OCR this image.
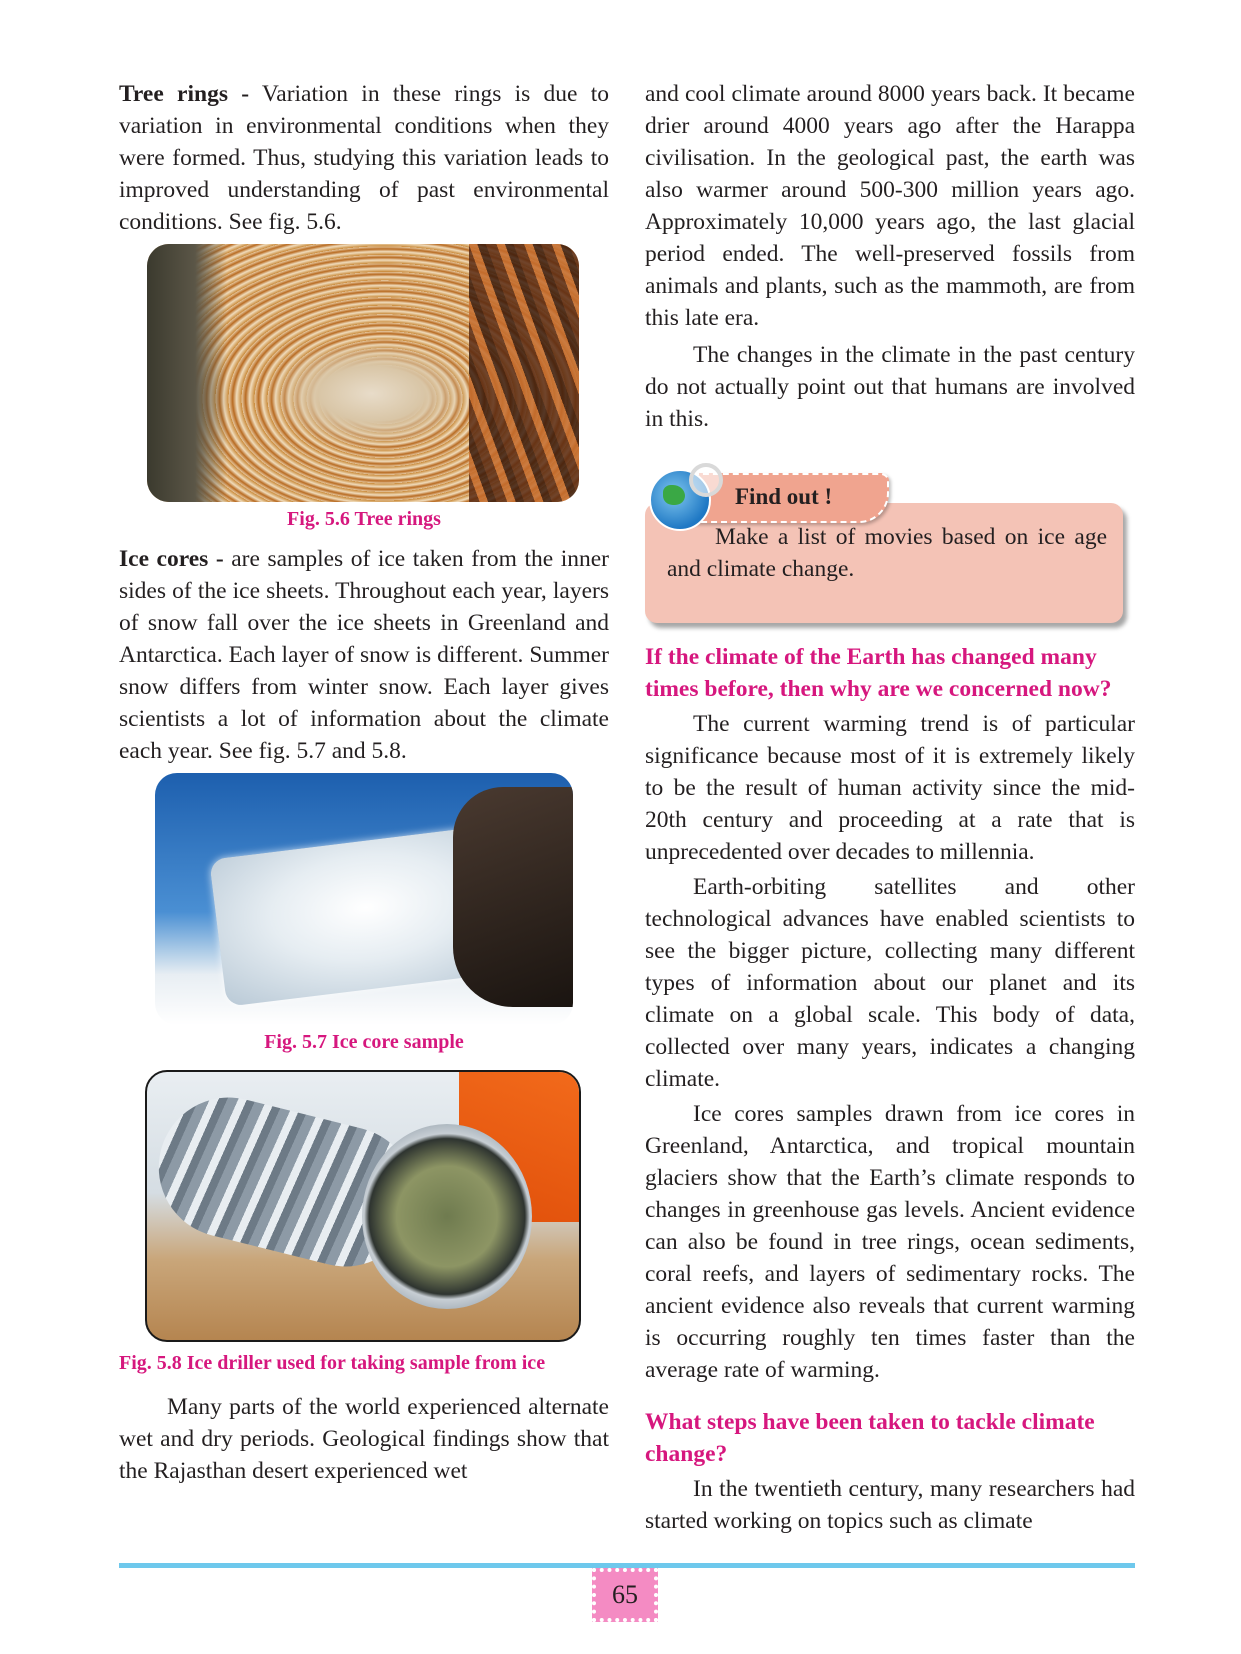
Tree rings - Variation in these rings is due to variation in environmental conditions when they were formed. Thus, studying this variation leads to improved understanding of past environmental conditions. See fig. 5.6.

Fig. 5.6 Tree rings

Ice cores - are samples of ice taken from the inner sides of the ice sheets. Throughout each year, layers of snow fall over the ice sheets in Greenland and Antarctica. Each layer of snow is different. Summer snow differs from winter snow. Each layer gives scientists a lot of information about the climate each year. See fig. 5.7 and 5.8.

Fig. 5.7 Ice core sample
Fig. 5.8 Ice driller used for taking sample from ice

Many parts of the world experienced alternate wet and dry periods. Geological findings show that the Rajasthan desert experienced wet

and cool climate around 8000 years back. It became drier around 4000 years ago after the Harappa civilisation. In the geological past, the earth was also warmer around 500-300 million years ago. Approximately 10,000 years ago, the last glacial period ended. The well-preserved fossils from animals and plants, such as the mammoth, are from this late era.

The changes in the climate in the past century do not actually point out that humans are involved in this.

Find out !

Make a list of movies based on ice age and climate change.

If the climate of the Earth has changed many times before, then why are we concerned now?

The current warming trend is of particular significance because most of it is extremely likely to be the result of human activity since the mid-20th century and proceeding at a rate that is unprecedented over decades to millennia.

Earth-orbiting satellites and other technological advances have enabled scientists to see the bigger picture, collecting many different types of information about our planet and its climate on a global scale. This body of data, collected over many years, indicates a changing climate.

Ice cores samples drawn from ice cores in Greenland, Antarctica, and tropical mountain glaciers show that the Earth’s climate responds to changes in greenhouse gas levels. Ancient evidence can also be found in tree rings, ocean sediments, coral reefs, and layers of sedimentary rocks. The ancient evidence also reveals that current warming is occurring roughly ten times faster than the average rate of warming.

What steps have been taken to tackle climate change?

In the twentieth century, many researchers had started working on topics such as climate

65
